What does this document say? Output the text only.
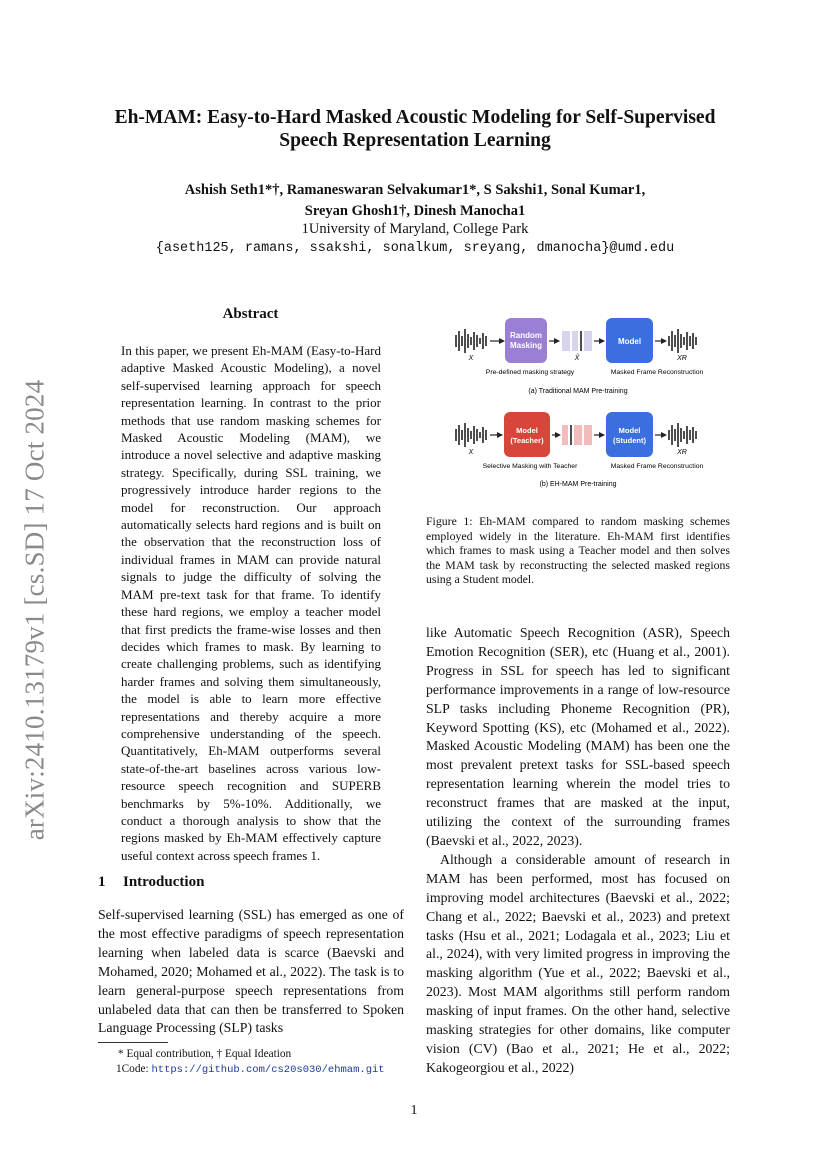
arXiv:2410.13179v1 [cs.SD] 17 Oct 2024
Eh-MAM: Easy-to-Hard Masked Acoustic Modeling for Self-Supervised
Speech Representation Learning
Ashish Seth1*†, Ramaneswaran Selvakumar1*, S Sakshi1, Sonal Kumar1,
Sreyan Ghosh1†, Dinesh Manocha1
1University of Maryland, College Park
{aseth125, ramans, ssakshi, sonalkum, sreyang, dmanocha}@umd.edu
Abstract
In this paper, we present Eh-MAM (Easy-to-Hard adaptive Masked Acoustic Modeling), a novel self-supervised learning approach for speech representation learning. In contrast to the prior methods that use random masking schemes for Masked Acoustic Modeling (MAM), we introduce a novel selective and adaptive masking strategy. Specifically, during SSL training, we progressively introduce harder regions to the model for reconstruction. Our approach automatically selects hard regions and is built on the observation that the reconstruction loss of individual frames in MAM can provide natural signals to judge the difficulty of solving the MAM pre-text task for that frame. To identify these hard regions, we employ a teacher model that first predicts the frame-wise losses and then decides which frames to mask. By learning to create challenging problems, such as identifying harder frames and solving them simultaneously, the model is able to learn more effective representations and thereby acquire a more comprehensive understanding of the speech. Quantitatively, Eh-MAM outperforms several state-of-the-art baselines across various low-resource speech recognition and SUPERB benchmarks by 5%-10%. Additionally, we conduct a thorough analysis to show that the regions masked by Eh-MAM effectively capture useful context across speech frames 1.
1 Introduction
Self-supervised learning (SSL) has emerged as one of the most effective paradigms of speech representation learning when labeled data is scarce (Baevski and Mohamed, 2020; Mohamed et al., 2022). The task is to learn general-purpose speech representations from unlabeled data that can then be transferred to Spoken Language Processing (SLP) tasks
* Equal contribution, † Equal Ideation
1Code: https://github.com/cs20s030/ehmam.git
Random
Masking	Model
X	X̂	XR
Pre-defined masking strategy	Masked Frame Reconstruction
(a) Traditional MAM Pre-training
Model
(Teacher)
Model
(Student)
X	XR
Selective Masking with Teacher	Masked Frame Reconstruction
(b) EH-MAM Pre-training
Figure 1: Eh-MAM compared to random masking schemes employed widely in the literature. Eh-MAM first identifies which frames to mask using a Teacher model and then solves the MAM task by reconstructing the selected masked regions using a Student model.

like Automatic Speech Recognition (ASR), Speech Emotion Recognition (SER), etc (Huang et al., 2001). Progress in SSL for speech has led to significant performance improvements in a range of low-resource SLP tasks including Phoneme Recognition (PR), Keyword Spotting (KS), etc (Mohamed et al., 2022). Masked Acoustic Modeling (MAM) has been one the most prevalent pretext tasks for SSL-based speech representation learning wherein the model tries to reconstruct frames that are masked at the input, utilizing the context of the surrounding frames (Baevski et al., 2022, 2023).

Although a considerable amount of research in MAM has been performed, most has focused on improving model architectures (Baevski et al., 2022; Chang et al., 2022; Baevski et al., 2023) and pretext tasks (Hsu et al., 2021; Lodagala et al., 2023; Liu et al., 2024), with very limited progress in improving the masking algorithm (Yue et al., 2022; Baevski et al., 2023). Most MAM algorithms still perform random masking of input frames. On the other hand, selective masking strategies for other domains, like computer vision (CV) (Bao et al., 2021; He et al., 2022; Kakogeorgiou et al., 2022)

1
